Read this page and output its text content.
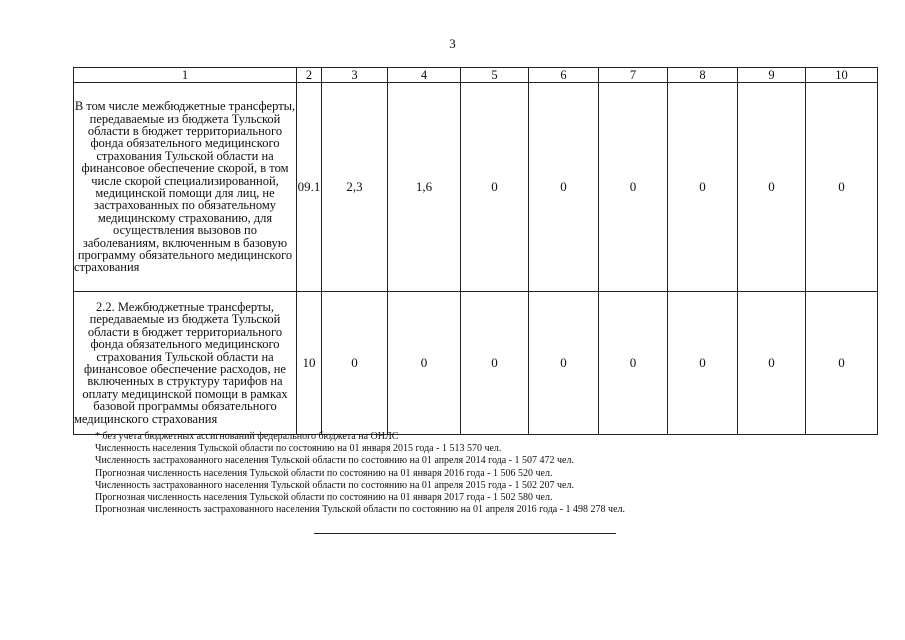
3
1	2	3	4	5	6	7	8	9	10
В том числе межбюджетные трансферты, передаваемые из бюджета Тульской области в бюджет территориального фонда обязательного медицинского страхования Тульской области на финансовое обеспечение скорой, в том числе скорой специализированной, медицинской помощи для лиц, не застрахованных по обязательному медицинскому страхованию, для осуществления вызовов по заболеваниям, включенным в базовую программу обязательного медицинского страхования	09.1	2,3	1,6	0	0	0	0	0	0
2.2. Межбюджетные трансферты, передаваемые из бюджета Тульской области в бюджет территориального фонда обязательного медицинского страхования Тульской области на финансовое обеспечение расходов, не включенных в структуру тарифов на оплату медицинской помощи в рамках базовой программы обязательного медицинского страхования	10	0	0	0	0	0	0	0	0
* без учета бюджетных ассигнований федерального бюджета на ОНЛС
Численность населения Тульской области по состоянию на 01 января 2015 года - 1 513 570 чел.
Численность застрахованного населения Тульской области по состоянию на 01 апреля 2014 года - 1 507 472 чел.
Прогнозная численность населения Тульской области по состоянию на 01 января 2016 года - 1 506 520 чел.
Численность застрахованного населения Тульской области по состоянию на 01 апреля 2015 года - 1 502 207 чел.
Прогнозная численность населения Тульской области по состоянию на 01 января 2017 года - 1 502 580 чел.
Прогнозная численность застрахованного населения Тульской области по состоянию на 01 апреля 2016 года - 1 498 278 чел.
